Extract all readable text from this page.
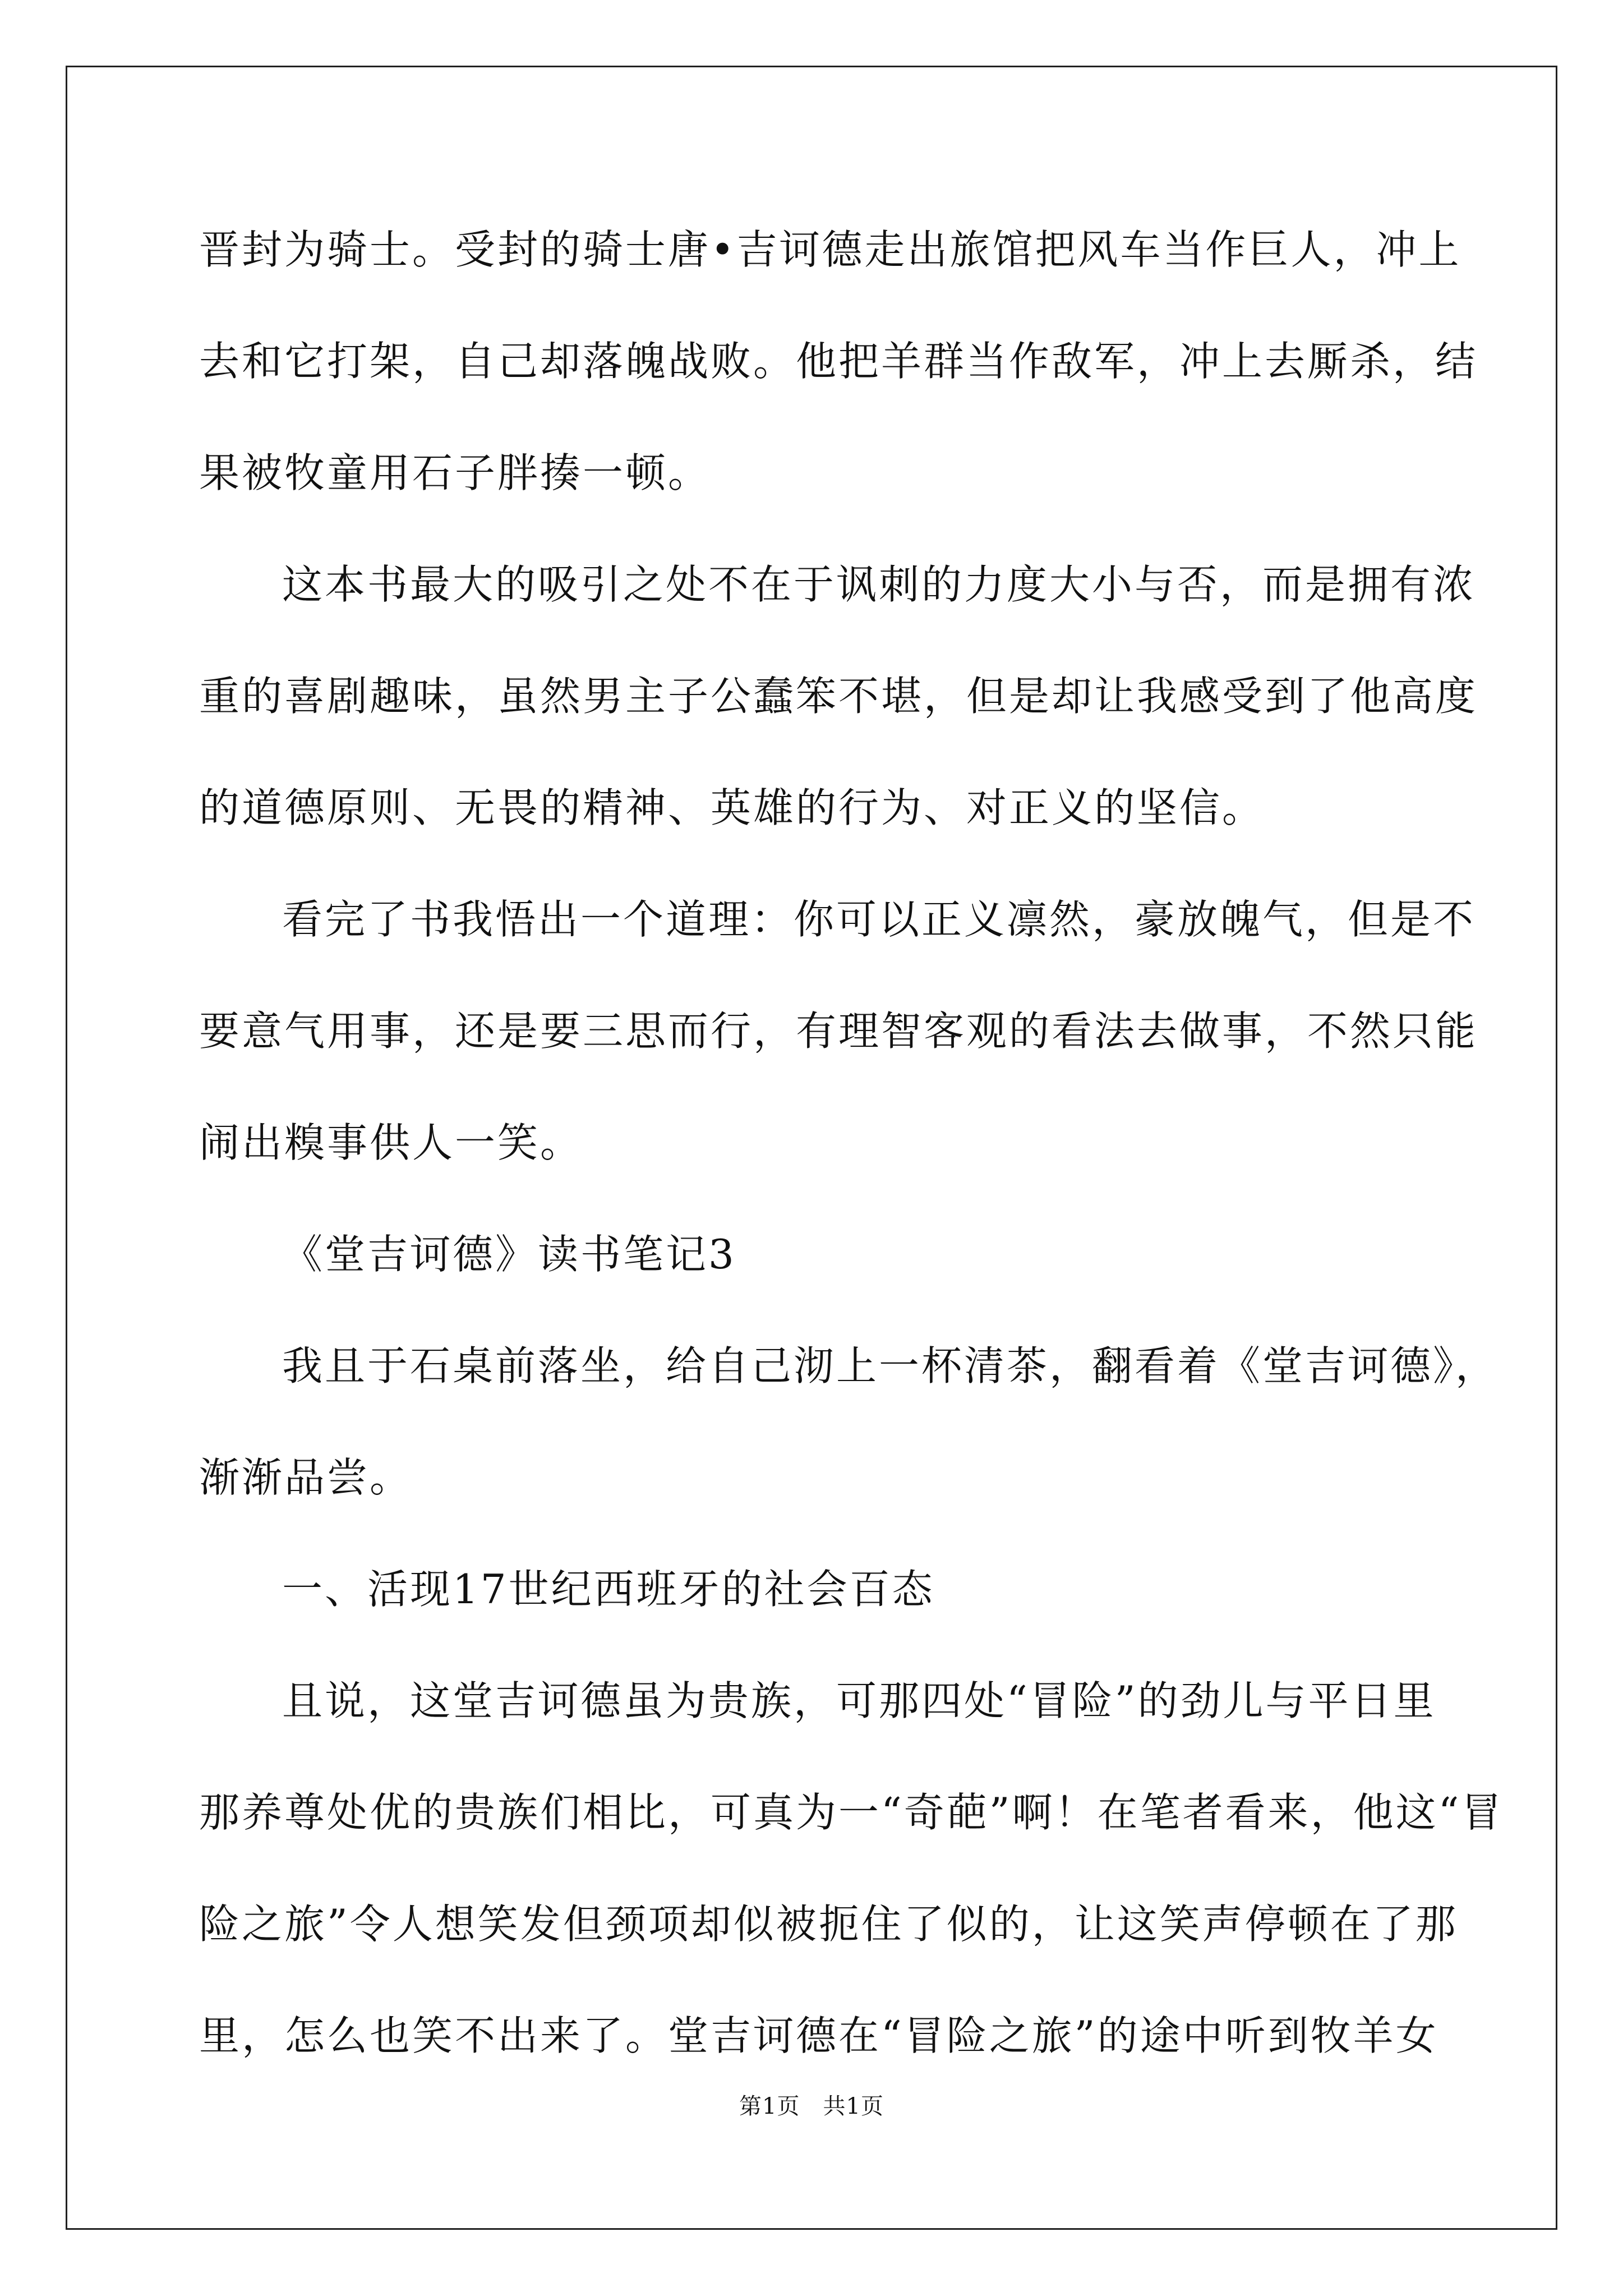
晋封为骑士。受封的骑士唐•吉诃德走出旅馆把风车当作巨人，冲上
去和它打架，自己却落魄战败。他把羊群当作敌军，冲上去厮杀，结
果被牧童用石子胖揍一顿。
这本书最大的吸引之处不在于讽刺的力度大小与否，而是拥有浓
重的喜剧趣味，虽然男主子公蠢笨不堪，但是却让我感受到了他高度
的道德原则、无畏的精神、英雄的行为、对正义的坚信。
看完了书我悟出一个道理：你可以正义凛然，豪放魄气，但是不
要意气用事，还是要三思而行，有理智客观的看法去做事，不然只能
闹出糗事供人一笑。
《堂吉诃德》读书笔记3
我且于石桌前落坐，给自己沏上一杯清茶，翻看着《堂吉诃德》，
渐渐品尝。
一、活现17世纪西班牙的社会百态
且说，这堂吉诃德虽为贵族，可那四处“冒险”的劲儿与平日里
那养尊处优的贵族们相比，可真为一“奇葩”啊！在笔者看来，他这“冒
险之旅”令人想笑发但颈项却似被扼住了似的，让这笑声停顿在了那
里，怎么也笑不出来了。堂吉诃德在“冒险之旅”的途中听到牧羊女
第1页　共1页
